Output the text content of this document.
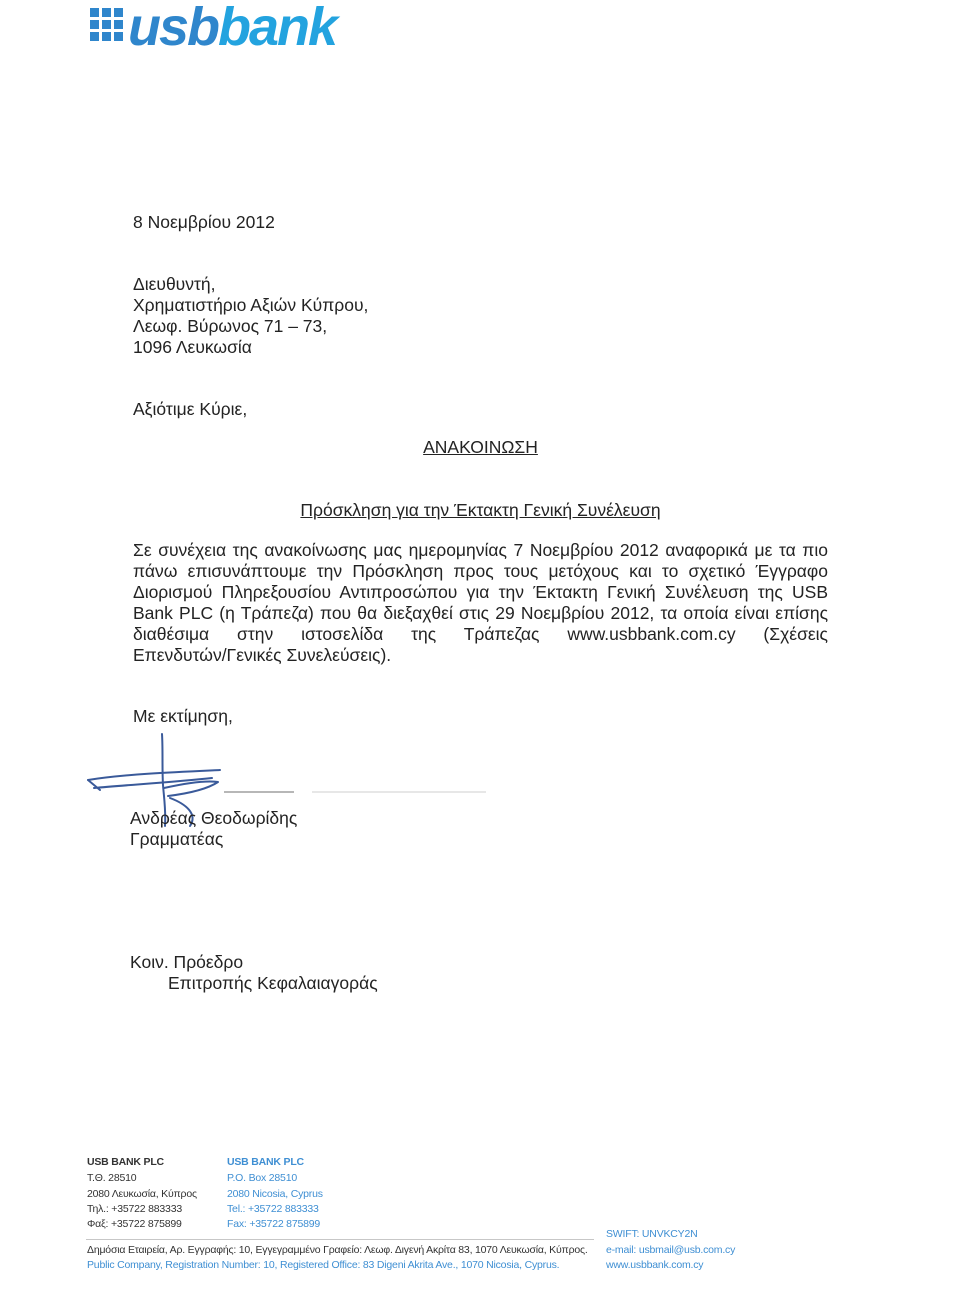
usbbank
8 Νοεμβρίου 2012
Διευθυντή,
Χρηματιστήριο Αξιών Κύπρου,
Λεωφ. Βύρωνος 71 – 73,
1096 Λευκωσία
Αξιότιμε Κύριε,
ΑΝΑΚΟΙΝΩΣΗ
Πρόσκληση για την Έκτακτη Γενική Συνέλευση
Σε συνέχεια της ανακοίνωσης μας ημερομηνίας 7 Νοεμβρίου 2012 αναφορικά με τα πιο
πάνω επισυνάπτουμε την Πρόσκληση προς τους μετόχους και το σχετικό Έγγραφο
Διορισμού Πληρεξουσίου Αντιπροσώπου για την Έκτακτη Γενική Συνέλευση της USB
Bank PLC (η Τράπεζα) που θα διεξαχθεί στις 29 Νοεμβρίου 2012, τα οποία είναι επίσης
διαθέσιμα στην ιστοσελίδα της Τράπεζας www.usbbank.com.cy (Σχέσεις
Επενδυτών/Γενικές Συνελεύσεις).
Με εκτίμηση,
Ανδρέας Θεοδωρίδης
Γραμματέας
Κοιν. Πρόεδρο
Επιτροπής Κεφαλαιαγοράς
USB BANK PLC
Τ.Θ. 28510
2080 Λευκωσία, Κύπρος
Τηλ.: +35722 883333
Φαξ: +35722 875899
USB BANK PLC
P.O. Box 28510
2080 Nicosia, Cyprus
Tel.: +35722 883333
Fax: +35722 875899
Δημόσια Εταιρεία, Αρ. Εγγραφής: 10, Εγγεγραμμένο Γραφείο: Λεωφ. Διγενή Ακρίτα 83, 1070 Λευκωσία, Κύπρος.
Public Company, Registration Number: 10, Registered Office: 83 Digeni Akrita Ave., 1070 Nicosia, Cyprus.
SWIFT: UNVKCY2N
e-mail: usbmail@usb.com.cy
www.usbbank.com.cy
